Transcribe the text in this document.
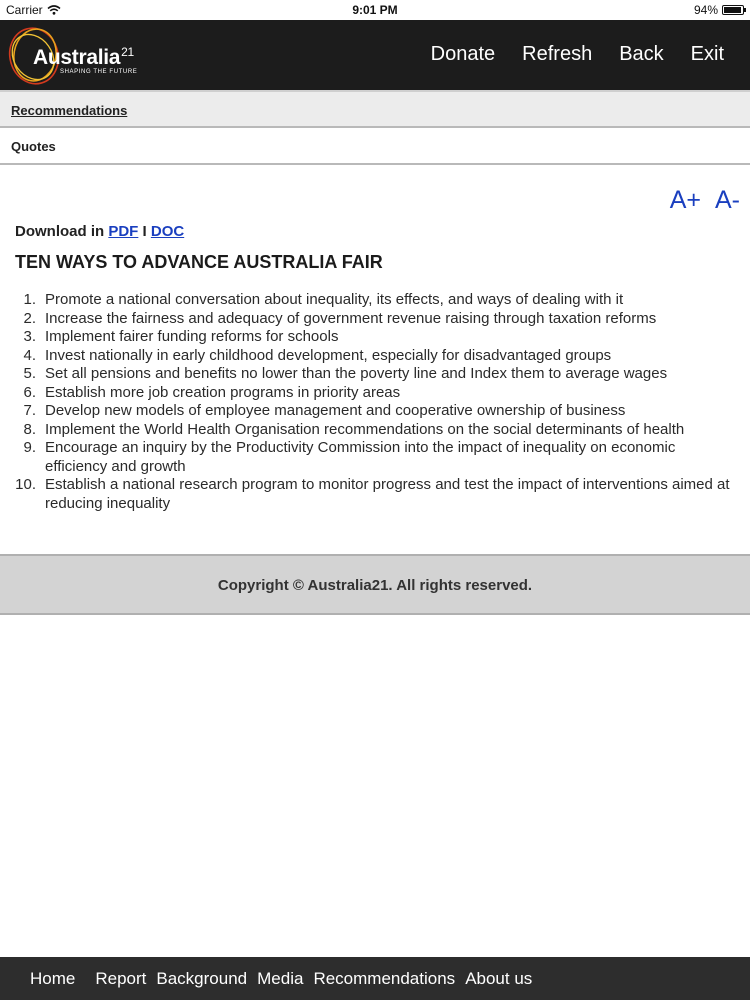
Carrier	9:01 PM	94%
Australia$^{21}$
SHAPING THE FUTURE
Donate Refresh Back Exit
Recommendations
Quotes
A+ A-
Download in PDF I DOC
TEN WAYS TO ADVANCE AUSTRALIA FAIR
1. Promote a national conversation about inequality, its effects, and ways of dealing with it
2. Increase the fairness and adequacy of government revenue raising through taxation reforms
3. Implement fairer funding reforms for schools
4. Invest nationally in early childhood development, especially for disadvantaged groups
5. Set all pensions and benefits no lower than the poverty line and Index them to average wages
6. Establish more job creation programs in priority areas
7. Develop new models of employee management and cooperative ownership of business
8. Implement the World Health Organisation recommendations on the social determinants of health
9. Encourage an inquiry by the Productivity Commission into the impact of inequality on economic efficiency and growth
10. Establish a national research program to monitor progress and test the impact of interventions aimed at reducing inequality
Copyright © Australia21. All rights reserved.
Home Report Background Media Recommendations About us
